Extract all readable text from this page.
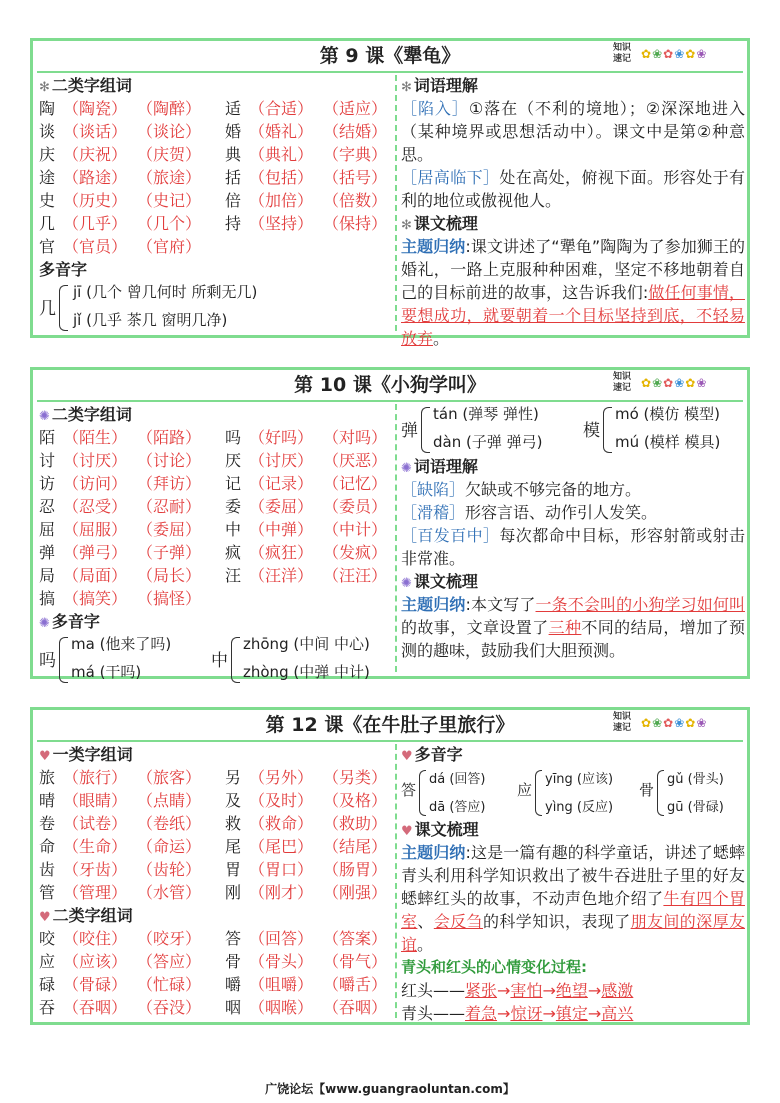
第 9 课《犟龟》	知识速记 ✿❀✿❀✿❀
✻ 二类字组词
陶 （陶瓷） （陶醉） 适 （合适） （适应）
谈 （谈话） （谈论） 婚 （婚礼） （结婚）
庆 （庆祝） （庆贺） 典 （典礼） （字典）
途 （路途） （旅途） 括 （包括） （括号）
史 （历史） （史记） 倍 （加倍） （倍数）
几 （几乎） （几个） 持 （坚持） （保持）
官 （官员） （官府）
多音字
几
jī (几个 曾几何时 所剩无几)
jǐ (几乎 茶几 窗明几净)
✻ 词语理解
［陷入］①落在（不利的境地）；②深深地进入（某种境界或思想活动中）。课文中是第②种意思。
［居高临下］处在高处，俯视下面。形容处于有利的地位或傲视他人。
✻ 课文梳理
主题归纳:课文讲述了“犟龟”陶陶为了参加狮王的婚礼，一路上克服种种困难，坚定不移地朝着自己的目标前进的故事，这告诉我们:做任何事情，要想成功，就要朝着一个目标坚持到底，不轻易放弃。
第 10 课《小狗学叫》	知识速记 ✿❀✿❀✿❀
✺ 二类字组词
陌 （陌生） （陌路） 吗 （好吗） （对吗）
讨 （讨厌） （讨论） 厌 （讨厌） （厌恶）
访 （访问） （拜访） 记 （记录） （记忆）
忍 （忍受） （忍耐） 委 （委屈） （委员）
屈 （屈服） （委屈） 中 （中弹） （中计）
弹 （弹弓） （子弹） 疯 （疯狂） （发疯）
局 （局面） （局长） 汪 （汪洋） （汪汪）
搞 （搞笑） （搞怪）
✺ 多音字
吗
ma (他来了吗)
má (干吗)
中
zhōng (中间 中心)
zhòng (中弹 中计)
弹
tán (弹琴 弹性)
dàn (子弹 弹弓)
模
mó (模仿 模型)
mú (模样 模具)
✺ 词语理解
［缺陷］欠缺或不够完备的地方。
［滑稽］形容言语、动作引人发笑。
［百发百中］每次都命中目标，形容射箭或射击非常准。
✺ 课文梳理
主题归纳:本文写了一条不会叫的小狗学习如何叫的故事，文章设置了三种不同的结局，增加了预测的趣味，鼓励我们大胆预测。
第 12 课《在牛肚子里旅行》	知识速记 ✿❀✿❀✿❀
♥ 一类字组词
旅 （旅行） （旅客） 另 （另外） （另类）
晴 （眼睛） （点睛） 及 （及时） （及格）
卷 （试卷） （卷纸） 救 （救命） （救助）
命 （生命） （命运） 尾 （尾巴） （结尾）
齿 （牙齿） （齿轮） 胃 （胃口） （肠胃）
管 （管理） （水管） 刚 （刚才） （刚强）
♥ 二类字组词
咬 （咬住） （咬牙） 答 （回答） （答案）
应 （应该） （答应） 骨 （骨头） （骨气）
碌 （骨碌） （忙碌） 嚼 （咀嚼） （嚼舌）
吞 （吞咽） （吞没） 咽 （咽喉） （吞咽）
♥ 多音字
答
dá (回答)
dā (答应)
应
yīng (应该)
yìng (反应)
骨
gǔ (骨头)
gū (骨碌)
♥ 课文梳理
主题归纳:这是一篇有趣的科学童话，讲述了蟋蟀青头利用科学知识救出了被牛吞进肚子里的好友蟋蟀红头的故事，不动声色地介绍了牛有四个胃室、会反刍的科学知识，表现了朋友间的深厚友谊。
青头和红头的心情变化过程:
红头——紧张→害怕→绝望→感激
青头——着急→惊讶→镇定→高兴
广饶论坛【www.guangraoluntan.com】
